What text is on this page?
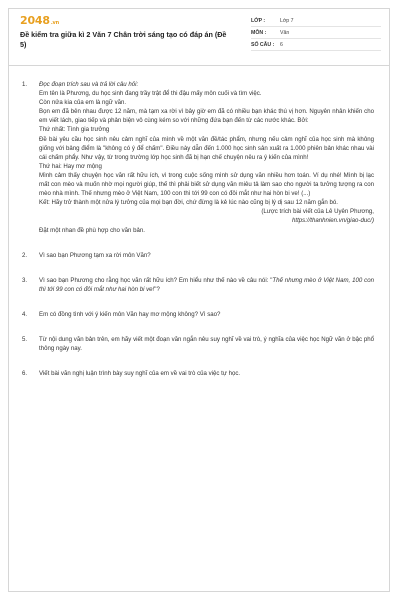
2048.vn
Đề kiểm tra giữa kì 2 Văn 7 Chân trời sáng tạo có đáp án (Đề 5)
LỚP :	Lớp 7
MÔN :	Văn
SỐ CÂU :	6
1.	Đọc đoạn trích sau và trả lời câu hỏi:

Em tên là Phương, du học sinh đang trầy trật để thi đậu mấy môn cuối và tìm việc.

Còn nửa kia của em là ngữ văn.

Bọn em đã bên nhau được 12 năm, mà tạm xa rời vì bây giờ em đã có nhiều bạn khác thú vị hơn. Nguyên nhân khiến cho em viết lách, giao tiếp và phản biện vô cùng kém so với những đứa bạn đến từ các nước khác. Bởi:

Thứ nhất: Tình gia trưởng

Đề bài yêu cầu học sinh nêu cảm nghĩ của mình về một văn đề/tác phẩm, nhưng nếu cảm nghĩ của học sinh mà không giống với bảng điểm là "không có ý để chấm". Điều này dẫn đến 1.000 học sinh sản xuất ra 1.000 phiên bản khác nhau vài cái chấm phẩy. Như vậy, từ trong trường lớp học sinh đã bị hạn chế chuyện nêu ra ý kiến của mình!

Thứ hai: Hay mơ mộng

Mình cảm thấy chuyện học văn rất hữu ích, vì trong cuộc sống mình sử dụng văn nhiều hơn toán. Ví dụ nhé! Mình bị lạc mất con mèo và muốn nhờ mọi người giúp, thế thì phải biết sử dụng văn miêu tả làm sao cho người ta tưởng tượng ra con mèo nhà mình. Thế nhưng mèo ở Việt Nam, 100 con thì tới 99 con có đôi mắt như hai hòn bi ve! (...)

Kết: Hãy trở thành một nửa lý tưởng của mọi bạn đời, chứ đừng là kẻ lúc nào cũng bị lý dị sau 12 năm gắn bó.

(Lược trích bài viết của Lê Uyên Phương,

https://thanhnien.vn/giao-duc/)

Đặt một nhan đề phù hợp cho văn bản.

2.	Vì sao bạn Phương tạm xa rời môn Văn?
3.	Vì sao bạn Phương cho rằng học văn rất hữu ích? Em hiểu như thế nào về câu nói: "Thế nhưng mèo ở Việt Nam, 100 con thì tới 99 con có đôi mắt như hai hòn bi ve!"?
4.	Em có đồng tình với ý kiến môn Văn hay mơ mộng không? Vì sao?
5.	Từ nội dung văn bản trên, em hãy viết một đoạn văn ngắn nêu suy nghĩ về vai trò, ý nghĩa của việc học Ngữ văn ở bậc phổ thông ngày nay.
6.	Viết bài văn nghị luận trình bày suy nghĩ của em về vai trò của việc tự học.
